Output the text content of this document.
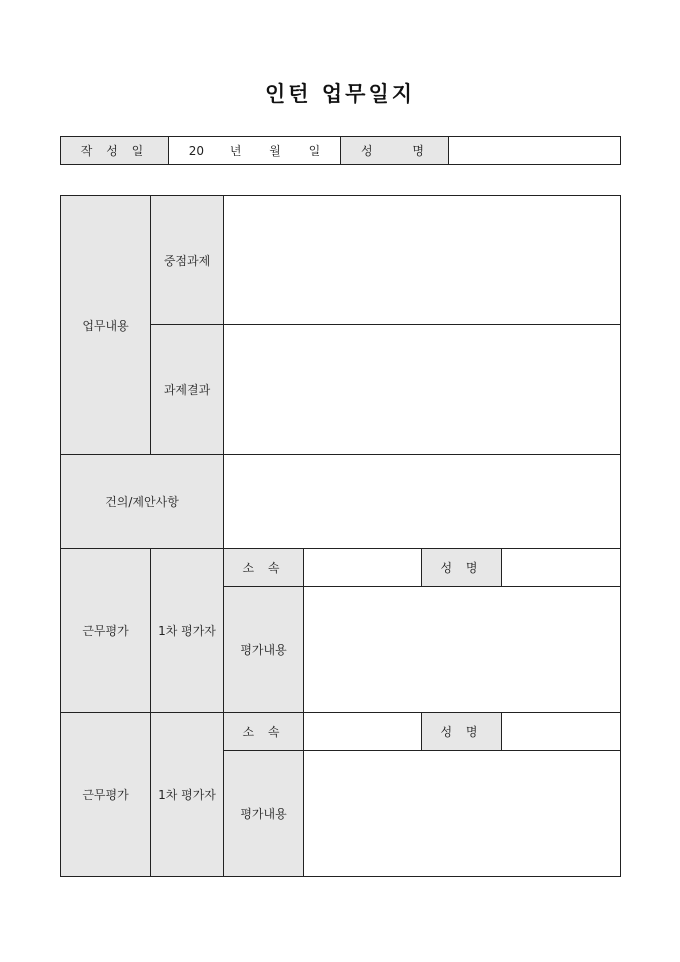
인턴 업무일지
작 성 일	20 년 월 일	성 명	
업무내용	중점과제				
	과제결과				
건의/제안사항					
근무평가	1차 평가자	소 속		성 명	
		평가내용			
근무평가	1차 평가자	소 속		성 명	
		평가내용			
